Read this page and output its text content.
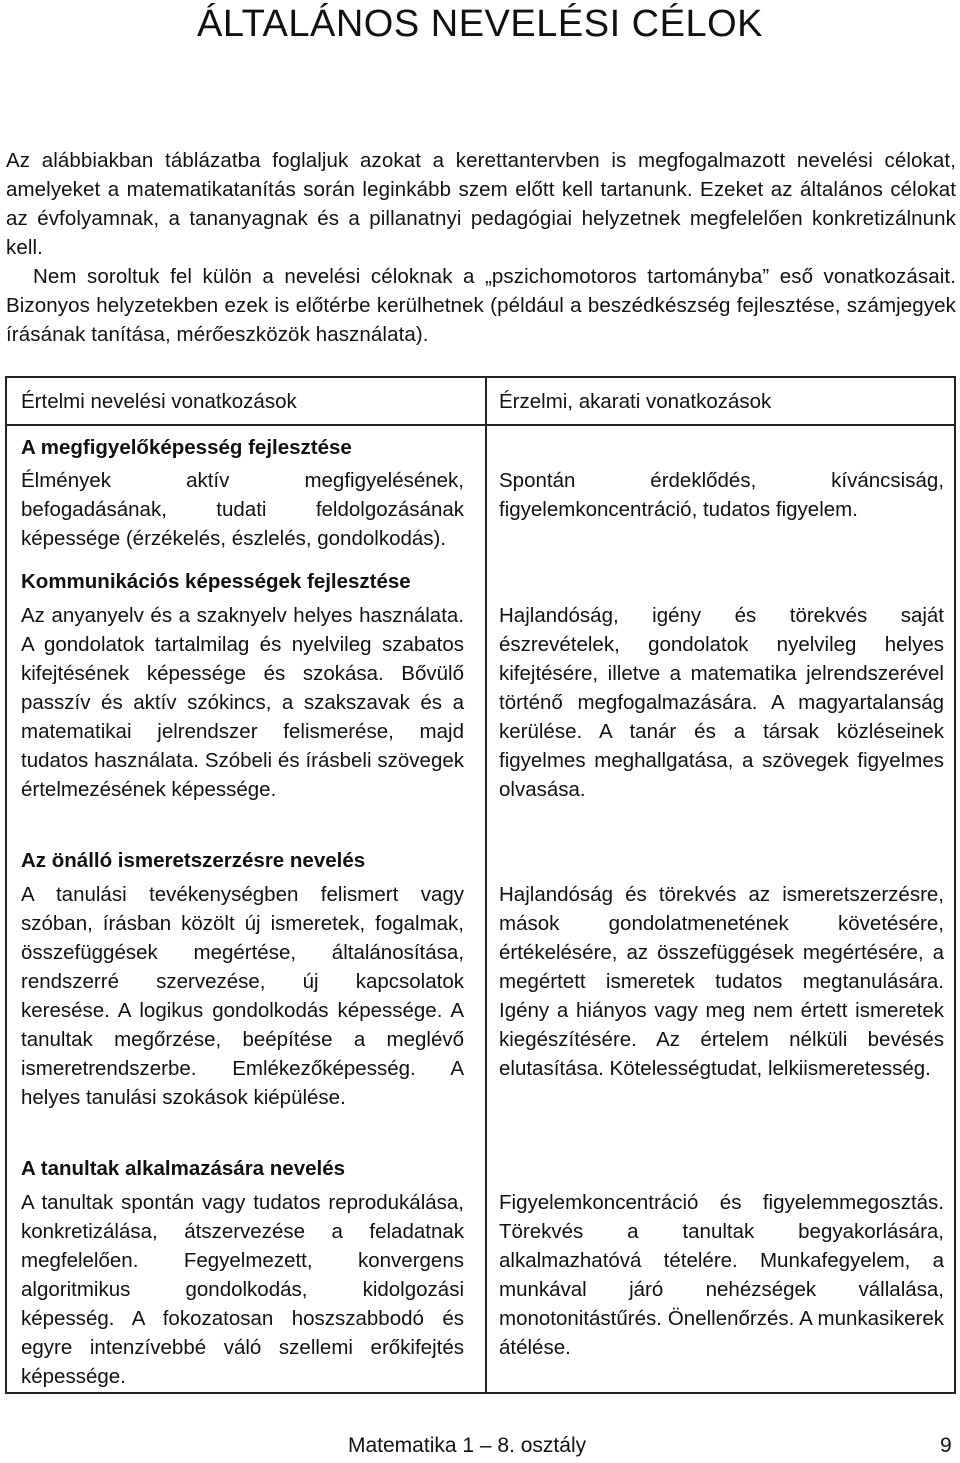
ÁLTALÁNOS NEVELÉSI CÉLOK

Az alábbiakban táblázatba foglaljuk azokat a kerettantervben is megfogalmazott nevelési célokat, amelyeket a matematikatanítás során leginkább szem előtt kell tartanunk. Ezeket az általános célokat az évfolyamnak, a tananyagnak és a pillanatnyi pedagógiai helyzetnek megfelelően konkretizálnunk kell.

Nem soroltuk fel külön a nevelési céloknak a „pszichomotoros tartományba” eső vonatkozásait. Bizonyos helyzetekben ezek is előtérbe kerülhetnek (például a beszédkészség fejlesztése, számjegyek írásának tanítása, mérőeszközök használata).

Értelmi nevelési vonatkozások	Érzelmi, akarati vonatkozások
A megfigyelőképesség fejlesztése

Élmények aktív megfigyelésének, befogadásának, tudati feldolgozásának képessége (érzékelés, észlelés, gondolkodás).

Spontán érdeklődés, kíváncsiság, figyelemkoncentráció, tudatos figyelem.

Kommunikációs képességek fejlesztése

Az anyanyelv és a szaknyelv helyes használata. A gondolatok tartalmilag és nyelvileg szabatos kifejtésének képessége és szokása. Bővülő passzív és aktív szókincs, a szakszavak és a matematikai jelrendszer felismerése, majd tudatos használata. Szóbeli és írásbeli szövegek értelmezésének képessége.

Hajlandóság, igény és törekvés saját észrevételek, gondolatok nyelvileg helyes kifejtésére, illetve a matematika jelrendszerével történő megfogalmazására. A magyartalanság kerülése. A tanár és a társak közléseinek figyelmes meghallgatása, a szövegek figyelmes olvasása.

Az önálló ismeretszerzésre nevelés

A tanulási tevékenységben felismert vagy szóban, írásban közölt új ismeretek, fogalmak, összefüggések megértése, általánosítása, rendszerré szervezése, új kapcsolatok keresése. A logikus gondolkodás képessége. A tanultak megőrzése, beépítése a meglévő ismeretrendszerbe. Emlékezőképesség. A helyes tanulási szokások kiépülése.

Hajlandóság és törekvés az ismeretszerzésre, mások gondolatmenetének követésére, értékelésére, az összefüggések megértésére, a megértett ismeretek tudatos megtanulására. Igény a hiányos vagy meg nem értett ismeretek kiegészítésére. Az értelem nélküli bevésés elutasítása. Kötelességtudat, lelkiismeretesség.

A tanultak alkalmazására nevelés

A tanultak spontán vagy tudatos reprodukálása, konkretizálása, átszervezése a feladatnak megfelelően. Fegyelmezett, konvergens algoritmikus gondolkodás, kidolgozási képesség. A fokozatosan hoszszabbodó és egyre intenzívebbé váló szellemi erőkifejtés képessége.

Figyelemkoncentráció és figyelemmegosztás. Törekvés a tanultak begyakorlására, alkalmazhatóvá tételére. Munkafegyelem, a munkával járó nehézségek vállalása, monotonitástűrés. Önellenőrzés. A munkasikerek átélése.

Matematika 1 – 8. osztály	9
